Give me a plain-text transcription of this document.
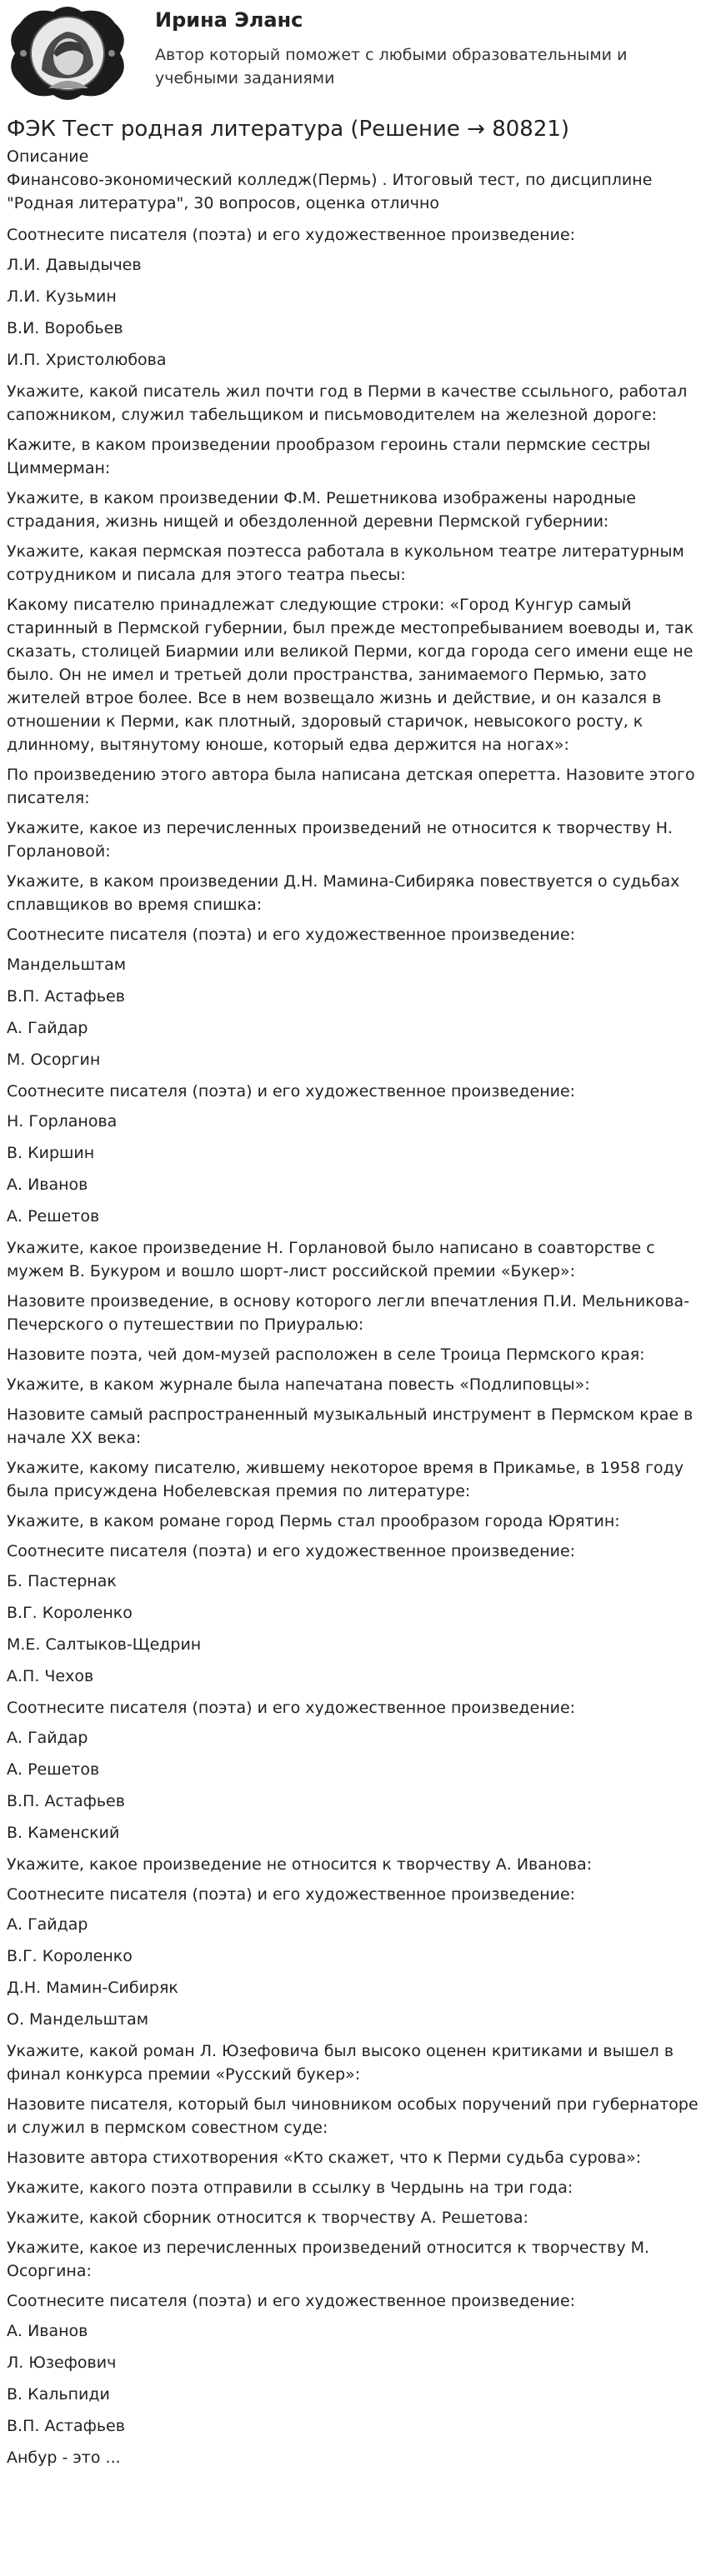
Ирина Эланс
Автор который поможет с любыми образовательными и учебными заданиями
ФЭК Тест родная литература (Решение → 80821)
Описание
Финансово-экономический колледж(Пермь) . Итоговый тест, по дисциплине "Родная литература", 30 вопросов, оценка отлично
Соотнесите писателя (поэта) и его художественное произведение:
Л.И. Давыдычев
Л.И. Кузьмин
В.И. Воробьев
И.П. Христолюбова
Укажите, какой писатель жил почти год в Перми в качестве ссыльного, работал сапожником, служил табельщиком и письмоводителем на железной дороге:
Кажите, в каком произведении прообразом героинь стали пермские сестры Циммерман:
Укажите, в каком произведении Ф.М. Решетникова изображены народные страдания, жизнь нищей и обездоленной деревни Пермской губернии:
Укажите, какая пермская поэтесса работала в кукольном театре литературным сотрудником и писала для этого театра пьесы:
Какому писателю принадлежат следующие строки: «Город Кунгур самый старинный в Пермской губернии, был прежде местопребыванием воеводы и, так сказать, столицей Биармии или великой Перми, когда города сего имени еще не было. Он не имел и третьей доли пространства, занимаемого Пермью, зато жителей втрое более. Все в нем возвещало жизнь и действие, и он казался в отношении к Перми, как плотный, здоровый старичок, невысокого росту, к длинному, вытянутому юноше, который едва держится на ногах»:
По произведению этого автора была написана детская оперетта. Назовите этого писателя:
Укажите, какое из перечисленных произведений не относится к творчеству Н. Горлановой:
Укажите, в каком произведении Д.Н. Мамина-Сибиряка повествуется о судьбах сплавщиков во время спишка:
Соотнесите писателя (поэта) и его художественное произведение:
Мандельштам
В.П. Астафьев
А. Гайдар
М. Осоргин
Соотнесите писателя (поэта) и его художественное произведение:
Н. Горланова
В. Киршин
А. Иванов
А. Решетов
Укажите, какое произведение Н. Горлановой было написано в соавторстве с мужем В. Букуром и вошло шорт-лист российской премии «Букер»:
Назовите произведение, в основу которого легли впечатления П.И. Мельникова-Печерского о путешествии по Приуралью:
Назовите поэта, чей дом-музей расположен в селе Троица Пермского края:
Укажите, в каком журнале была напечатана повесть «Подлиповцы»:
Назовите самый распространенный музыкальный инструмент в Пермском крае в начале XX века:
Укажите, какому писателю, жившему некоторое время в Прикамье, в 1958 году была присуждена Нобелевская премия по литературе:
Укажите, в каком романе город Пермь стал прообразом города Юрятин:
Соотнесите писателя (поэта) и его художественное произведение:
Б. Пастернак
В.Г. Короленко
М.Е. Салтыков-Щедрин
А.П. Чехов
Соотнесите писателя (поэта) и его художественное произведение:
А. Гайдар
А. Решетов
В.П. Астафьев
В. Каменский
Укажите, какое произведение не относится к творчеству А. Иванова:
Соотнесите писателя (поэта) и его художественное произведение:
А. Гайдар
В.Г. Короленко
Д.Н. Мамин-Сибиряк
О. Мандельштам
Укажите, какой роман Л. Юзефовича был высоко оценен критиками и вышел в финал конкурса премии «Русский букер»:
Назовите писателя, который был чиновником особых поручений при губернаторе и служил в пермском совестном суде:
Назовите автора стихотворения «Кто скажет, что к Перми судьба сурова»:
Укажите, какого поэта отправили в ссылку в Чердынь на три года:
Укажите, какой сборник относится к творчеству А. Решетова:
Укажите, какое из перечисленных произведений относится к творчеству М. Осоргина:
Соотнесите писателя (поэта) и его художественное произведение:
А. Иванов
Л. Юзефович
В. Кальпиди
В.П. Астафьев
Анбур - это ...
